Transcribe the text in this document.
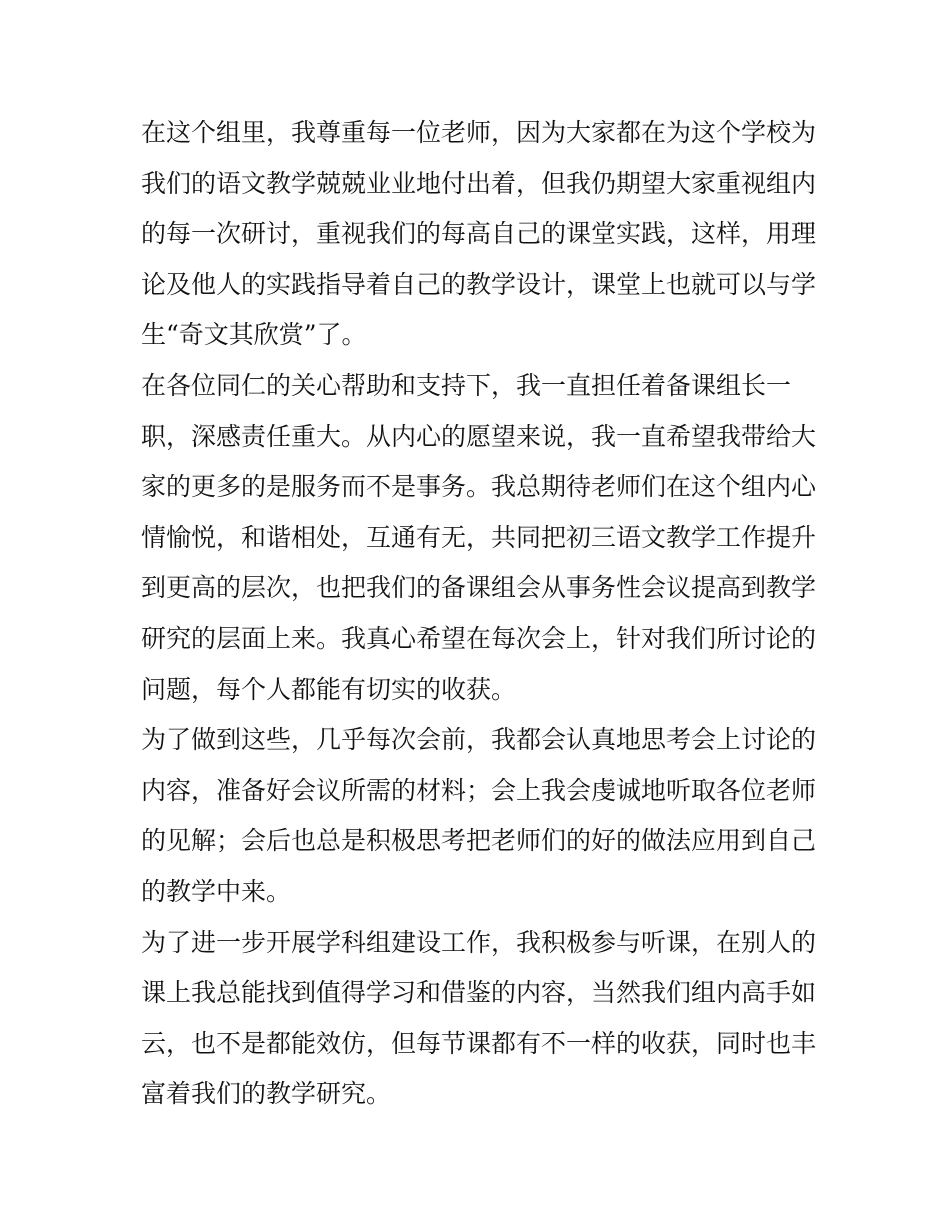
在这个组里，我尊重每一位老师，因为大家都在为这个学校为
我们的语文教学兢兢业业地付出着，但我仍期望大家重视组内
的每一次研讨，重视我们的每高自己的课堂实践，这样，用理
论及他人的实践指导着自己的教学设计，课堂上也就可以与学
生“奇文其欣赏”了。
在各位同仁的关心帮助和支持下，我一直担任着备课组长一
职，深感责任重大。从内心的愿望来说，我一直希望我带给大
家的更多的是服务而不是事务。我总期待老师们在这个组内心
情愉悦，和谐相处，互通有无，共同把初三语文教学工作提升
到更高的层次，也把我们的备课组会从事务性会议提高到教学
研究的层面上来。我真心希望在每次会上，针对我们所讨论的
问题，每个人都能有切实的收获。
为了做到这些，几乎每次会前，我都会认真地思考会上讨论的
内容，准备好会议所需的材料；会上我会虔诚地听取各位老师
的见解；会后也总是积极思考把老师们的好的做法应用到自己
的教学中来。
为了进一步开展学科组建设工作，我积极参与听课，在别人的
课上我总能找到值得学习和借鉴的内容，当然我们组内高手如
云，也不是都能效仿，但每节课都有不一样的收获，同时也丰
富着我们的教学研究。
